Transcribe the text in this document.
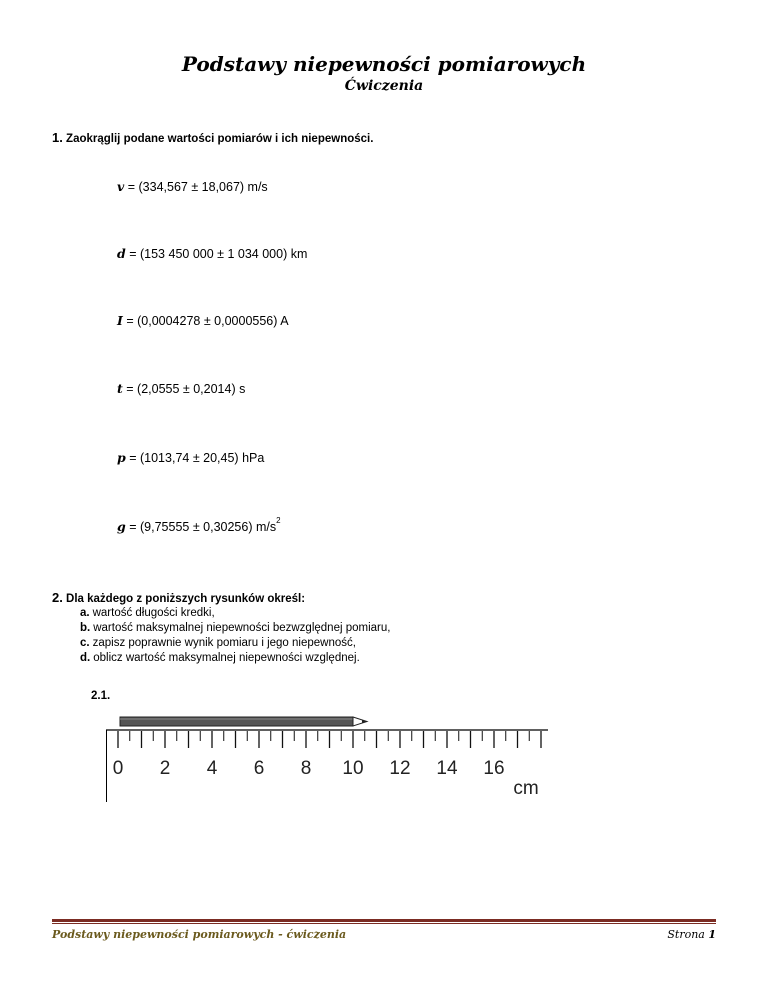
Podstawy niepewności pomiarowych
Ćwiczenia
1. Zaokrąglij podane wartości pomiarów i ich niepewności.
v = (334,567 ± 18,067) m/s
d = (153 450 000 ± 1 034 000) km
I = (0,0004278 ± 0,0000556) A
t = (2,0555 ± 0,2014) s
p = (1013,74 ± 20,45) hPa
g = (9,75555 ± 0,30256) $m/s^2$
2. Dla każdego z poniższych rysunków określ:
a. wartość długości kredki,
b. wartość maksymalnej niepewności bezwzględnej pomiaru,
c. zapisz poprawnie wynik pomiaru i jego niepewność,
d. oblicz wartość maksymalnej niepewności względnej.
2.1.
0 2 4 6 8 10 12 14 16
cm
Podstawy niepewności pomiarowych - ćwiczenia	Strona 1
